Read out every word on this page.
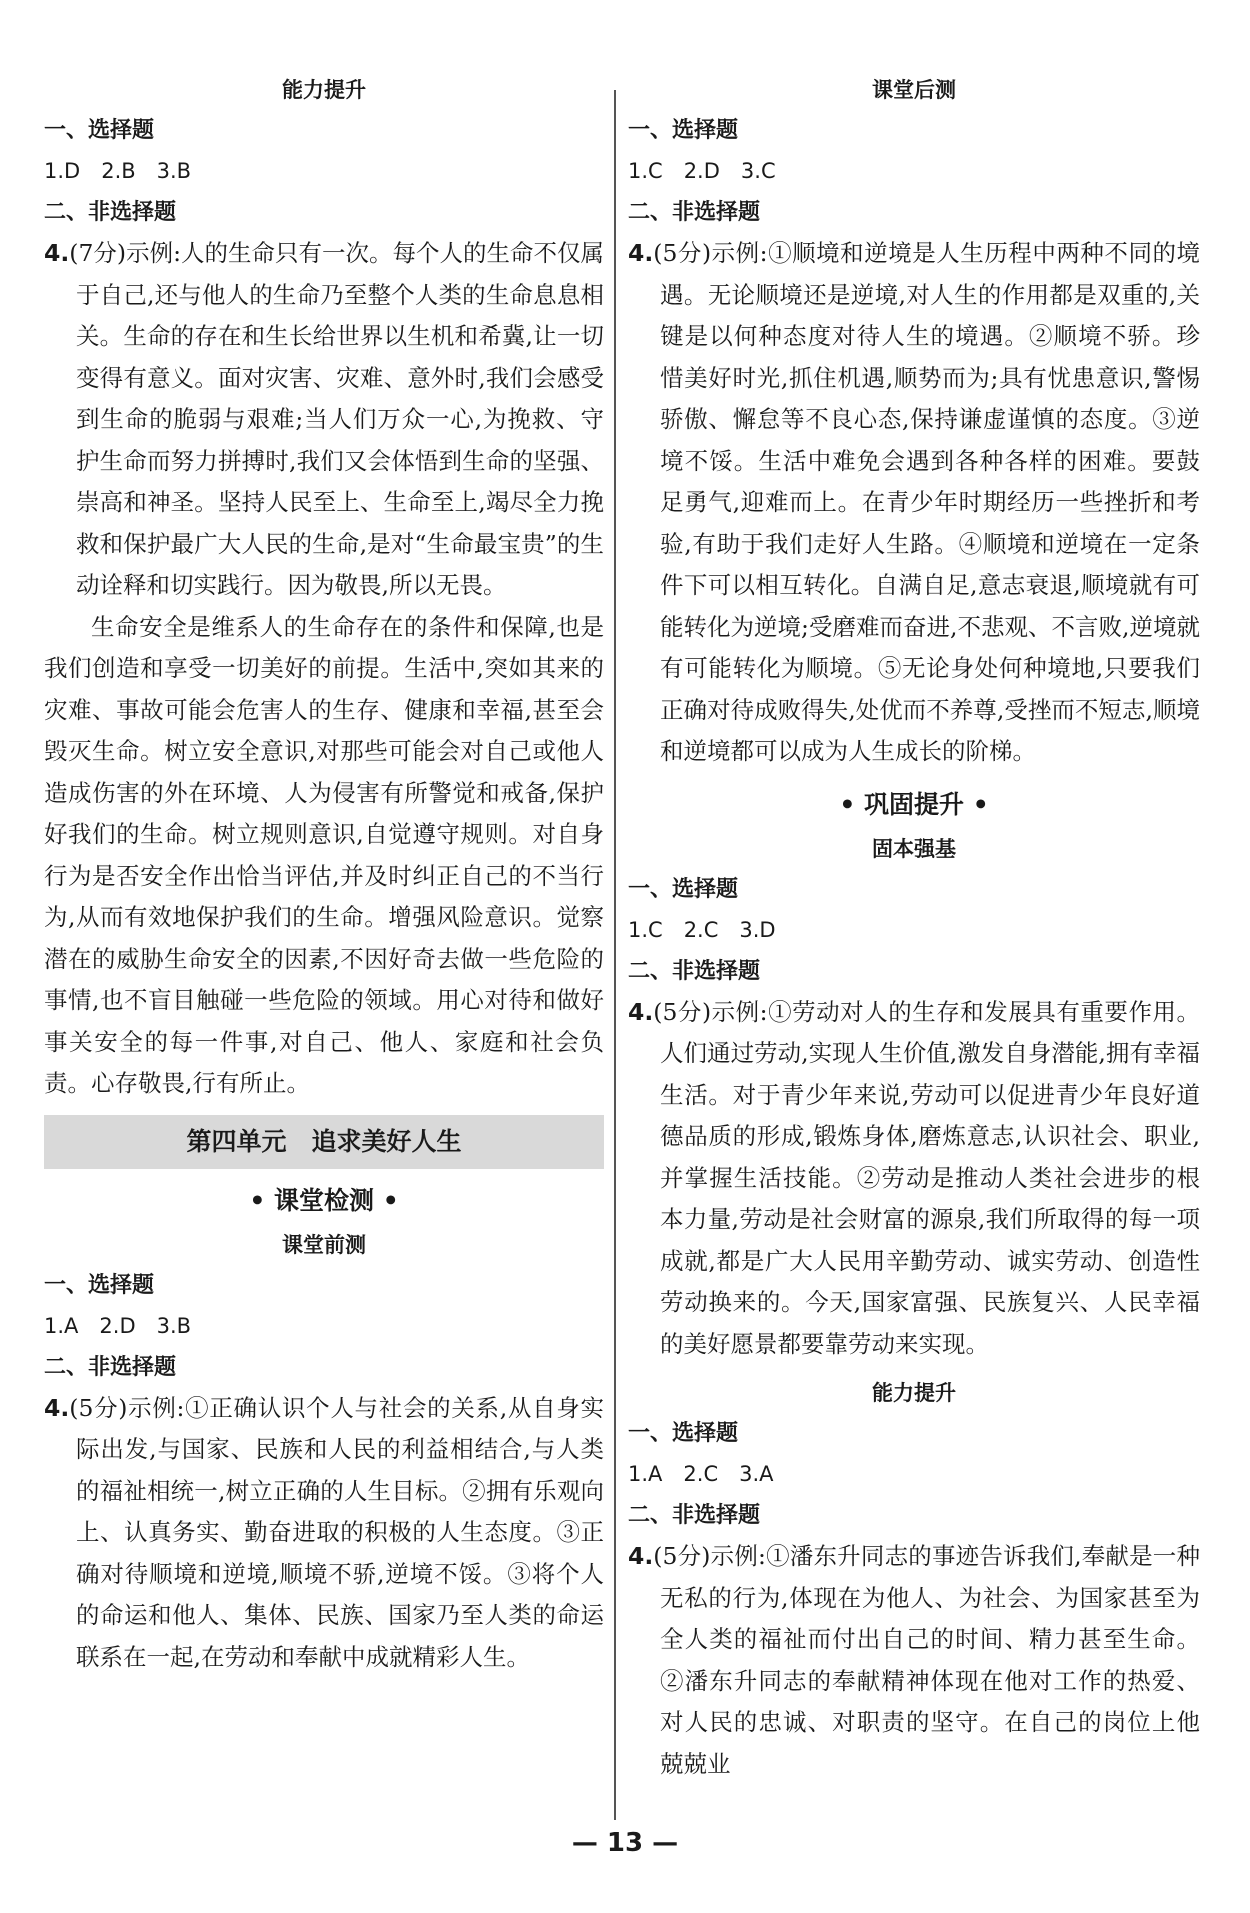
能力提升
一、选择题
1.D　2.B　3.B
二、非选择题

4.(7分)示例:人的生命只有一次。每个人的生命不仅属于自己,还与他人的生命乃至整个人类的生命息息相关。生命的存在和生长给世界以生机和希冀,让一切变得有意义。面对灾害、灾难、意外时,我们会感受到生命的脆弱与艰难;当人们万众一心,为挽救、守护生命而努力拼搏时,我们又会体悟到生命的坚强、崇高和神圣。坚持人民至上、生命至上,竭尽全力挽救和保护最广大人民的生命,是对“生命最宝贵”的生动诠释和切实践行。因为敬畏,所以无畏。

生命安全是维系人的生命存在的条件和保障,也是我们创造和享受一切美好的前提。生活中,突如其来的灾难、事故可能会危害人的生存、健康和幸福,甚至会毁灭生命。树立安全意识,对那些可能会对自己或他人造成伤害的外在环境、人为侵害有所警觉和戒备,保护好我们的生命。树立规则意识,自觉遵守规则。对自身行为是否安全作出恰当评估,并及时纠正自己的不当行为,从而有效地保护我们的生命。增强风险意识。觉察潜在的威胁生命安全的因素,不因好奇去做一些危险的事情,也不盲目触碰一些危险的领域。用心对待和做好事关安全的每一件事,对自己、他人、家庭和社会负责。心存敬畏,行有所止。

第四单元　追求美好人生
• 课堂检测 •
课堂前测
一、选择题
1.A　2.D　3.B
二、非选择题

4.(5分)示例:①正确认识个人与社会的关系,从自身实际出发,与国家、民族和人民的利益相结合,与人类的福祉相统一,树立正确的人生目标。②拥有乐观向上、认真务实、勤奋进取的积极的人生态度。③正确对待顺境和逆境,顺境不骄,逆境不馁。③将个人的命运和他人、集体、民族、国家乃至人类的命运联系在一起,在劳动和奉献中成就精彩人生。

课堂后测
一、选择题
1.C　2.D　3.C
二、非选择题

4.(5分)示例:①顺境和逆境是人生历程中两种不同的境遇。无论顺境还是逆境,对人生的作用都是双重的,关键是以何种态度对待人生的境遇。②顺境不骄。珍惜美好时光,抓住机遇,顺势而为;具有忧患意识,警惕骄傲、懈怠等不良心态,保持谦虚谨慎的态度。③逆境不馁。生活中难免会遇到各种各样的困难。要鼓足勇气,迎难而上。在青少年时期经历一些挫折和考验,有助于我们走好人生路。④顺境和逆境在一定条件下可以相互转化。自满自足,意志衰退,顺境就有可能转化为逆境;受磨难而奋进,不悲观、不言败,逆境就有可能转化为顺境。⑤无论身处何种境地,只要我们正确对待成败得失,处优而不养尊,受挫而不短志,顺境和逆境都可以成为人生成长的阶梯。

• 巩固提升 •
固本强基
一、选择题
1.C　2.C　3.D
二、非选择题

4.(5分)示例:①劳动对人的生存和发展具有重要作用。人们通过劳动,实现人生价值,激发自身潜能,拥有幸福生活。对于青少年来说,劳动可以促进青少年良好道德品质的形成,锻炼身体,磨炼意志,认识社会、职业,并掌握生活技能。②劳动是推动人类社会进步的根本力量,劳动是社会财富的源泉,我们所取得的每一项成就,都是广大人民用辛勤劳动、诚实劳动、创造性劳动换来的。今天,国家富强、民族复兴、人民幸福的美好愿景都要靠劳动来实现。

能力提升
一、选择题
1.A　2.C　3.A
二、非选择题

4.(5分)示例:①潘东升同志的事迹告诉我们,奉献是一种无私的行为,体现在为他人、为社会、为国家甚至为全人类的福祉而付出自己的时间、精力甚至生命。②潘东升同志的奉献精神体现在他对工作的热爱、对人民的忠诚、对职责的坚守。在自己的岗位上他兢兢业

— 13 —
